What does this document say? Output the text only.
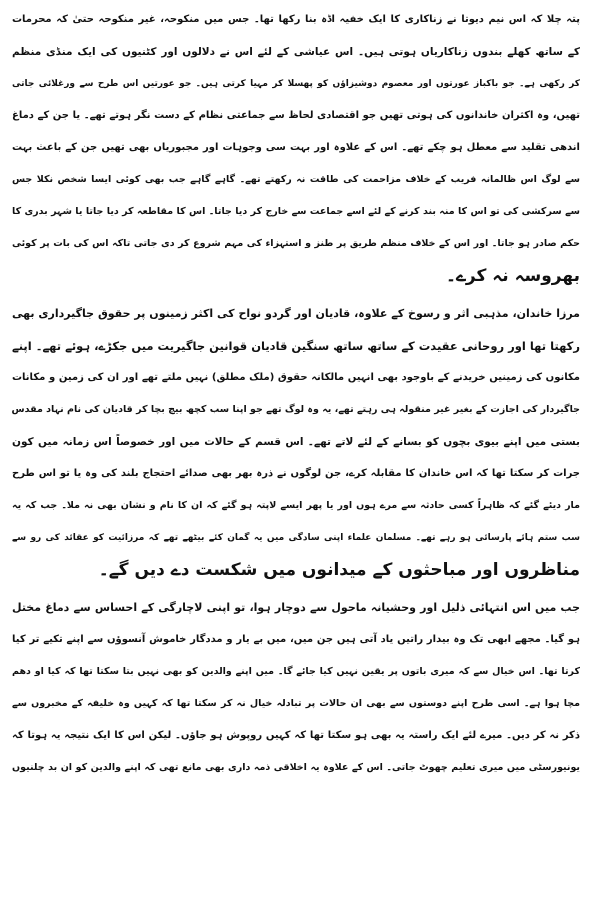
پتہ چلا کہ اس نیم دیوتا نے زناکاری کا ایک خفیہ اڈہ بنا رکھا تھا۔ جس میں منکوحہ، غیر منکوحہ حتیٰ کہ محرمات
کے ساتھ کھلے بندوں زناکاریاں ہوتی ہیں۔ اس عیاشی کے لئے اس نے دلالوں اور کٹنیوں کی ایک منڈی منظم
کر رکھی ہے۔ جو باکباز عورتوں اور معصوم دوشیزاؤں کو پھسلا کر مہیا کرتی ہیں۔ جو عورتیں اس طرح سے ورغلائی جاتی
تھیں، وہ اکثران خاندانوں کی ہوتی تھیں جو اقتصادی لحاظ سے جماعتی نظام کے دست نگر ہوتے تھے۔ یا جن کے دماغ
اندھی تقلید سے معطل ہو چکے تھے۔ اس کے علاوہ اور بہت سی وجوہات اور مجبوریاں بھی تھیں جن کے باعث بہت
سے لوگ اس ظالمانہ فریب کے خلاف مزاحمت کی طاقت نہ رکھتے تھے۔ گاہے گاہے جب بھی کوئی ایسا شخص نکلا جس
سے سرکشی کی تو اس کا منہ بند کرنے کے لئے اسے جماعت سے خارج کر دیا جاتا۔ اس کا مقاطعہ کر دیا جاتا یا شہر بدری کا
حکم صادر ہو جاتا۔ اور اس کے خلاف منظم طریق پر طنز و استہزاء کی مہم شروع کر دی جاتی تاکہ اس کی بات پر کوئی
بھروسہ نہ کرے۔
مرزا خاندان، مذہبی اثر و رسوخ کے علاوہ، قادیان اور گردو نواح کی اکثر زمینوں پر حقوق جاگیرداری بھی
رکھتا تھا اور روحانی عقیدت کے ساتھ ساتھ سنگین قادیان قوانین جاگیریت میں جکڑے، ہوئے تھے۔ اپنے
مکانوں کی زمینیں خریدنے کے باوجود بھی انہیں مالکانہ حقوق (ملک مطلق) نہیں ملتے تھے اور ان کی زمین و مکانات
جاگیردار کی اجازت کے بغیر غیر منقولہ ہی رہتے تھے، یہ وہ لوگ تھے جو اپنا سب کچھ بیچ بچا کر قادیان کی نام نہاد مقدس
بستی میں اپنے بیوی بچوں کو بسانے کے لئے لاتے تھے۔ اس قسم کے حالات میں اور خصوصاً اس زمانہ میں کون
جرات کر سکتا تھا کہ اس خاندان کا مقابلہ کرے، جن لوگوں نے ذرہ بھر بھی صدائے احتجاج بلند کی وہ یا تو اس طرح
مار دیئے گئے کہ ظاہراً کسی حادثہ سے مرے ہوں اور یا پھر ایسے لاپتہ ہو گئے کہ ان کا نام و نشان بھی نہ ملا۔ جب کہ یہ
سب ستم ہائے پارسائی ہو رہے تھے۔ مسلمان علماء اپنی سادگی میں یہ گمان کئے بیٹھے تھے کہ مرزائیت کو عقائد کی رو سے
مناظروں اور مباحثوں کے میدانوں میں شکست دے دیں گے۔
جب میں اس انتہائی ذلیل اور وحشیانہ ماحول سے دوچار ہوا، تو اپنی لاچارگی کے احساس سے دماغ مختل
ہو گیا۔ مجھے ابھی تک وہ بیدار راتیں یاد آتی ہیں جن میں، میں بے یار و مددگار خاموش آنسوؤں سے اپنے تکیے تر کیا
کرتا تھا۔ اس خیال سے کہ میری باتوں پر یقین نہیں کیا جائے گا۔ میں اپنے والدین کو بھی نہیں بتا سکتا تھا کہ کیا او دھم
مچا ہوا ہے۔ اسی طرح اپنے دوستوں سے بھی ان حالات پر تبادلہ خیال نہ کر سکتا تھا کہ کہیں وہ خلیفہ کے مخبروں سے
ذکر نہ کر دیں۔ میرے لئے ایک راستہ یہ بھی ہو سکتا تھا کہ کہیں روپوش ہو جاؤں۔ لیکن اس کا ایک نتیجہ یہ ہوتا کہ
یونیورسٹی میں میری تعلیم چھوٹ جاتی۔ اس کے علاوہ یہ اخلاقی ذمہ داری بھی مانع تھی کہ اپنے والدین کو ان بد چلنیوں
